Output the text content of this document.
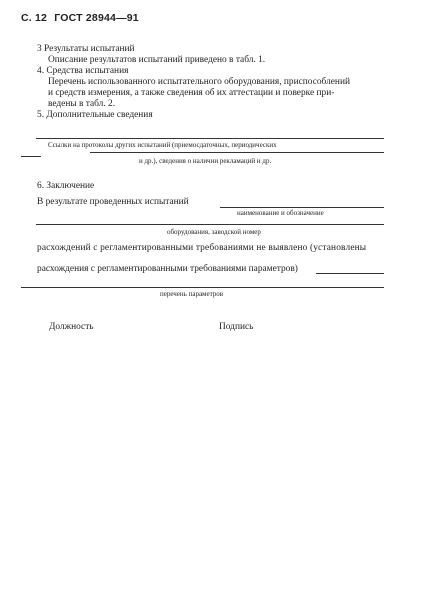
С. 12 ГОСТ 28944—91
3 Результаты испытаний
Описание результатов испытаний приведено в табл. 1.
4. Средства испытания
Перечень использованного испытательного оборудования, приспособлений
и средств измерения, а также сведения об их аттестации и поверке при-
ведены в табл. 2.
5. Дополнительные сведения
Ссылки на протоколы других испытаний (приемосдаточных, периодических
и др.), сведения о наличии рекламаций и др.
6. Заключение
В результате проведенных испытаний
наименование и обозначение
оборудования, заводской номер
расхождений с регламентированными требованиями не выявлено (установлены
расхождения с регламентированными требованиями параметров)
перечень параметров
Должность	Подпись
